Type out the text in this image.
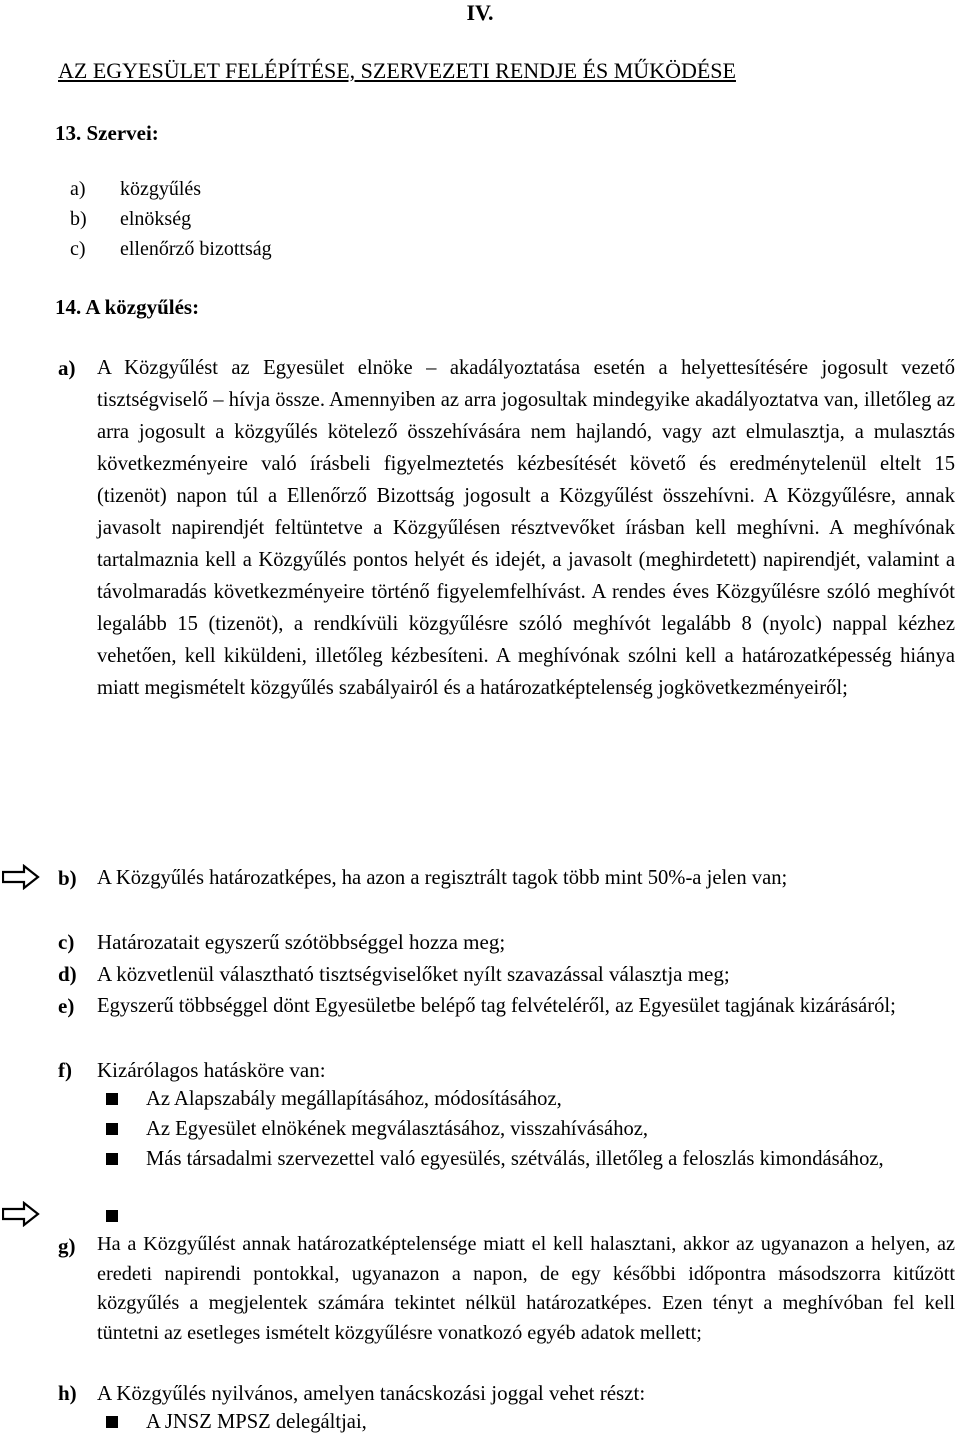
IV.
AZ EGYESÜLET FELÉPÍTÉSE, SZERVEZETI RENDJE ÉS MŰKÖDÉSE
13. Szervei:
a)	közgyűlés
b)	elnökség
c)	ellenőrző bizottság
14. A közgyűlés:
a)	A Közgyűlést az Egyesület elnöke – akadályoztatása esetén a helyettesítésére jogosult vezető tisztségviselő – hívja össze. Amennyiben az arra jogosultak mindegyike akadályoztatva van, illetőleg az arra jogosult a közgyűlés kötelező összehívására nem hajlandó, vagy azt elmulasztja, a mulasztás következményeire való írásbeli figyelmeztetés kézbesítését követő és eredménytelenül eltelt 15 (tizenöt) napon túl a Ellenőrző Bizottság jogosult a Közgyűlést összehívni. A Közgyűlésre, annak javasolt napirendjét feltüntetve a Közgyűlésen résztvevőket írásban kell meghívni. A meghívónak tartalmaznia kell a Közgyűlés pontos helyét és idejét, a javasolt (meghirdetett) napirendjét, valamint a távolmaradás következményeire történő figyelemfelhívást. A rendes éves Közgyűlésre szóló meghívót legalább 15 (tizenöt), a rendkívüli közgyűlésre szóló meghívót legalább 8 (nyolc) nappal kézhez vehetően, kell kiküldeni, illetőleg kézbesíteni. A meghívónak szólni kell a határozatképesség hiánya miatt megismételt közgyűlés szabályairól és a határozatképtelenség jogkövetkezményeiről;
b) A Közgyűlés határozatképes, ha azon a regisztrált tagok több mint 50%-a jelen van;
c)	Határozatait egyszerű szótöbbséggel hozza meg;
d) A közvetlenül választható tisztségviselőket nyílt szavazással választja meg;
e)	Egyszerű többséggel dönt Egyesületbe belépő tag felvételéről, az Egyesület tagjának kizárásáról;
f)	Kizárólagos hatásköre van:
Az Alapszabály megállapításához, módosításához,
Az Egyesület elnökének megválasztásához, visszahívásához,
Más társadalmi szervezettel való egyesülés, szétválás, illetőleg a feloszlás kimondásához,
g)	Ha a Közgyűlést annak határozatképtelensége miatt el kell halasztani, akkor az ugyanazon a helyen, az eredeti napirendi pontokkal, ugyanazon a napon, de egy későbbi időpontra másodszorra kitűzött közgyűlés a megjelentek számára tekintet nélkül határozatképes. Ezen tényt a meghívóban fel kell tüntetni az esetleges ismételt közgyűlésre vonatkozó egyéb adatok mellett;
h) A Közgyűlés nyilvános, amelyen tanácskozási joggal vehet részt:
A JNSZ MPSZ delegáltjai,
